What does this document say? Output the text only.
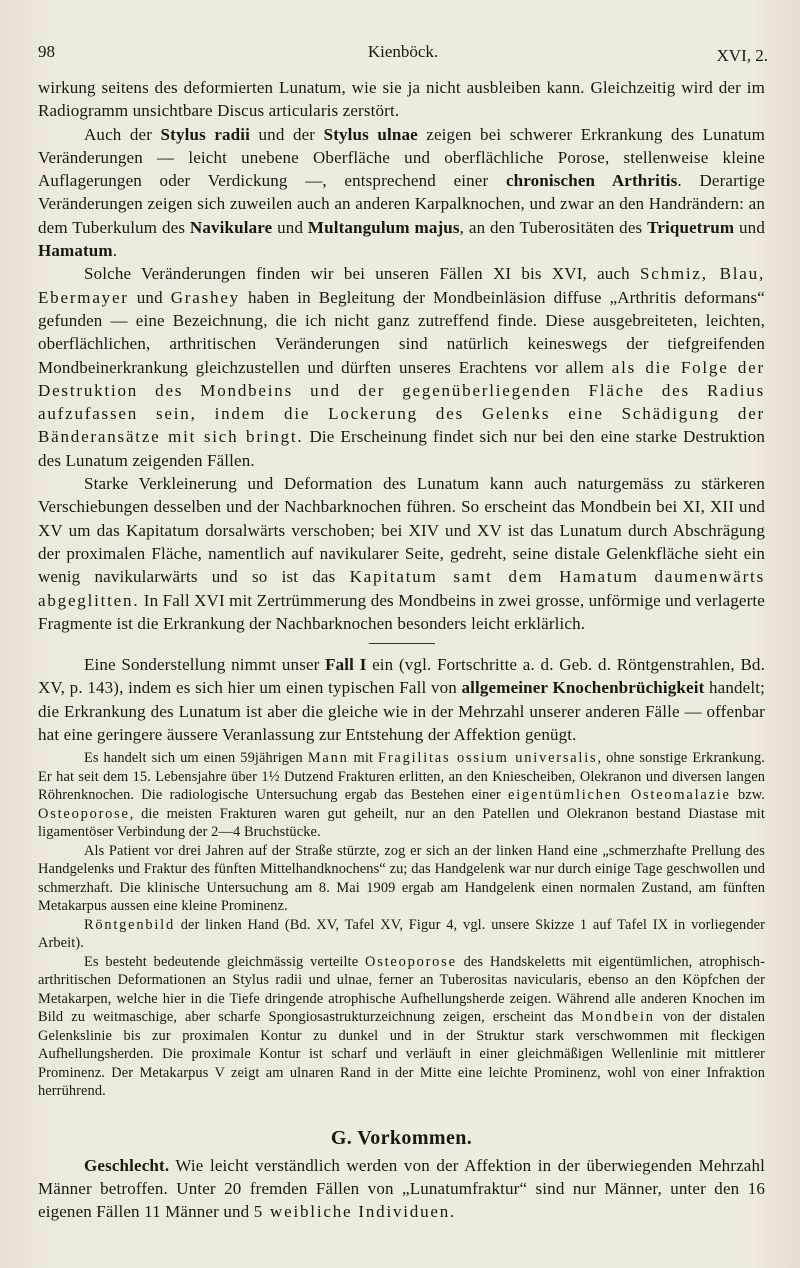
98	Kienböck.	XVI, 2.

wirkung seitens des deformierten Lunatum, wie sie ja nicht ausbleiben kann. Gleichzeitig wird der im Radiogramm unsichtbare Discus articularis zerstört.

Auch der Stylus radii und der Stylus ulnae zeigen bei schwerer Erkrankung des Lunatum Veränderungen — leicht unebene Oberfläche und oberflächliche Porose, stellenweise kleine Auflagerungen oder Verdickung —, entsprechend einer chronischen Arthritis. Derartige Veränderungen zeigen sich zuweilen auch an anderen Karpalknochen, und zwar an den Handrändern: an dem Tuberkulum des Navikulare und Multangulum majus, an den Tuberositäten des Triquetrum und Hamatum.

Solche Veränderungen finden wir bei unseren Fällen XI bis XVI, auch Schmiz, Blau, Ebermayer und Grashey haben in Begleitung der Mondbeinläsion diffuse „Arthritis deformans“ gefunden — eine Bezeichnung, die ich nicht ganz zutreffend finde. Diese ausgebreiteten, leichten, oberflächlichen, arthritischen Veränderungen sind natürlich keineswegs der tiefgreifenden Mondbeinerkrankung gleichzustellen und dürften unseres Erachtens vor allem als die Folge der Destruktion des Mondbeins und der gegenüberliegenden Fläche des Radius aufzufassen sein, indem die Lockerung des Gelenks eine Schädigung der Bänderansätze mit sich bringt. Die Erscheinung findet sich nur bei den eine starke Destruktion des Lunatum zeigenden Fällen.

Starke Verkleinerung und Deformation des Lunatum kann auch naturgemäss zu stärkeren Verschiebungen desselben und der Nachbarknochen führen. So erscheint das Mondbein bei XI, XII und XV um das Kapitatum dorsalwärts verschoben; bei XIV und XV ist das Lunatum durch Abschrägung der proximalen Fläche, namentlich auf navikularer Seite, gedreht, seine distale Gelenkfläche sieht ein wenig navikularwärts und so ist das Kapitatum samt dem Hamatum daumenwärts abgeglitten. In Fall XVI mit Zertrümmerung des Mondbeins in zwei grosse, unförmige und verlagerte Fragmente ist die Erkrankung der Nachbarknochen besonders leicht erklärlich.

Eine Sonderstellung nimmt unser Fall I ein (vgl. Fortschritte a. d. Geb. d. Röntgenstrahlen, Bd. XV, p. 143), indem es sich hier um einen typischen Fall von allgemeiner Knochenbrüchigkeit handelt; die Erkrankung des Lunatum ist aber die gleiche wie in der Mehrzahl unserer anderen Fälle — offenbar hat eine geringere äussere Veranlassung zur Entstehung der Affektion genügt.

Es handelt sich um einen 59jährigen Mann mit Fragilitas ossium universalis, ohne sonstige Erkrankung. Er hat seit dem 15. Lebensjahre über 1½ Dutzend Frakturen erlitten, an den Kniescheiben, Olekranon und diversen langen Röhrenknochen. Die radiologische Untersuchung ergab das Bestehen einer eigentümlichen Osteomalazie bzw. Osteoporose, die meisten Frakturen waren gut geheilt, nur an den Patellen und Olekranon bestand Diastase mit ligamentöser Verbindung der 2—4 Bruchstücke.

Als Patient vor drei Jahren auf der Straße stürzte, zog er sich an der linken Hand eine „schmerzhafte Prellung des Handgelenks und Fraktur des fünften Mittelhandknochens“ zu; das Handgelenk war nur durch einige Tage geschwollen und schmerzhaft. Die klinische Untersuchung am 8. Mai 1909 ergab am Handgelenk einen normalen Zustand, am fünften Metakarpus aussen eine kleine Prominenz.

Röntgenbild der linken Hand (Bd. XV, Tafel XV, Figur 4, vgl. unsere Skizze 1 auf Tafel IX in vorliegender Arbeit).

Es besteht bedeutende gleichmässig verteilte Osteoporose des Handskeletts mit eigentümlichen, atrophisch-arthritischen Deformationen an Stylus radii und ulnae, ferner an Tuberositas navicularis, ebenso an den Köpfchen der Metakarpen, welche hier in die Tiefe dringende atrophische Aufhellungsherde zeigen. Während alle anderen Knochen im Bild zu weitmaschige, aber scharfe Spongiosastrukturzeichnung zeigen, erscheint das Mondbein von der distalen Gelenkslinie bis zur proximalen Kontur zu dunkel und in der Struktur stark verschwommen mit fleckigen Aufhellungsherden. Die proximale Kontur ist scharf und verläuft in einer gleichmäßigen Wellenlinie mit mittlerer Prominenz. Der Metakarpus V zeigt am ulnaren Rand in der Mitte eine leichte Prominenz, wohl von einer Infraktion herrührend.

G. Vorkommen.

Geschlecht. Wie leicht verständlich werden von der Affektion in der überwiegenden Mehrzahl Männer betroffen. Unter 20 fremden Fällen von „Lunatumfraktur“ sind nur Männer, unter den 16 eigenen Fällen 11 Männer und 5 weibliche Individuen.
